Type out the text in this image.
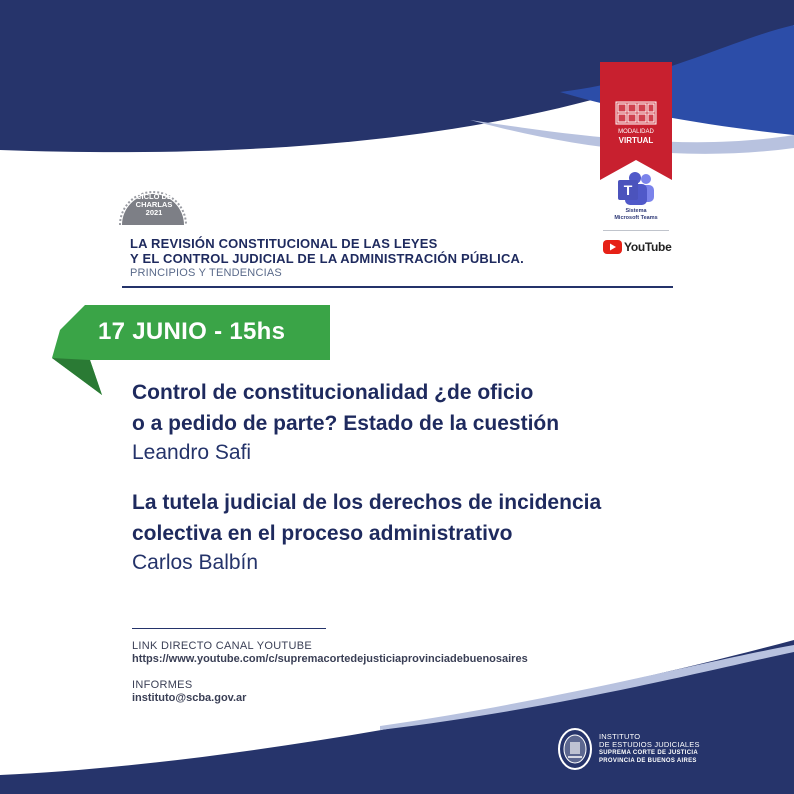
CICLO DE
CHARLAS
2021
LA REVISIÓN CONSTITUCIONAL DE LAS LEYES
Y EL CONTROL JUDICIAL DE LA ADMINISTRACIÓN PÚBLICA.
PRINCIPIOS Y TENDENCIAS
17 JUNIO - 15hs
Control de constitucionalidad ¿de oficio
o a pedido de parte? Estado de la cuestión
Leandro Safi
La tutela judicial de los derechos de incidencia
colectiva en el proceso administrativo
Carlos Balbín
LINK DIRECTO CANAL YOUTUBE
https://www.youtube.com/c/supremacortedejusticiaprovinciadebuenosaires
INFORMES
instituto@scba.gov.ar
MODALIDAD
VIRTUAL
T
Sistema
Microsoft Teams
YouTube
INSTITUTO
DE ESTUDIOS JUDICIALES
SUPREMA CORTE DE JUSTICIA
PROVINCIA DE BUENOS AIRES
